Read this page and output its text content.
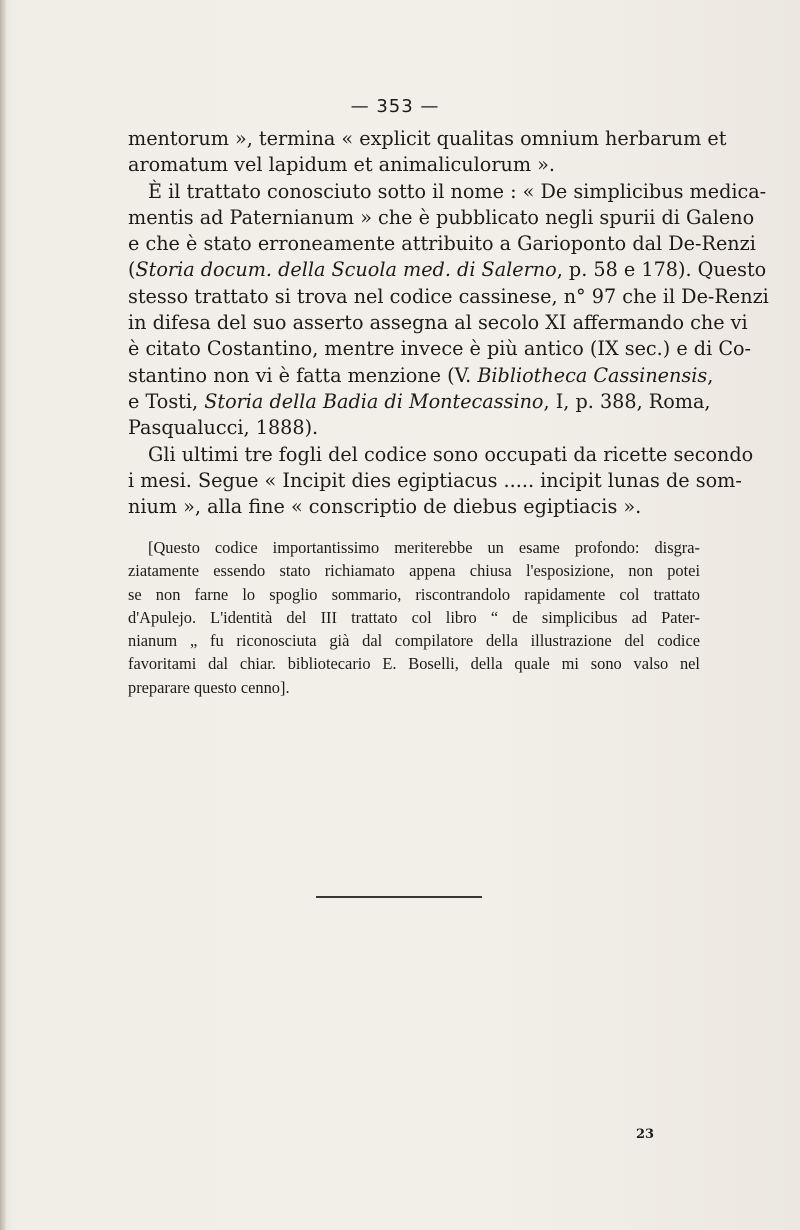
— 353 —
mentorum », termina « explicit qualitas omnium herbarum et
aromatum vel lapidum et animaliculorum ».
È il trattato conosciuto sotto il nome : « De simplicibus medica-
mentis ad Paternianum » che è pubblicato negli spurii di Galeno
e che è stato erroneamente attribuito a Garioponto dal De-Renzi
(Storia docum. della Scuola med. di Salerno, p. 58 e 178). Questo
stesso trattato si trova nel codice cassinese, n° 97 che il De-Renzi
in difesa del suo asserto assegna al secolo XI affermando che vi
è citato Costantino, mentre invece è più antico (IX sec.) e di Co-
stantino non vi è fatta menzione (V. Bibliotheca Cassinensis,
e Tosti, Storia della Badia di Montecassino, I, p. 388, Roma,
Pasqualucci, 1888).
Gli ultimi tre fogli del codice sono occupati da ricette secondo
i mesi. Segue « Incipit dies egiptiacus ..... incipit lunas de som-
nium », alla fine « conscriptio de diebus egiptiacis ».
[Questo codice importantissimo meriterebbe un esame profondo: disgra-
ziatamente essendo stato richiamato appena chiusa l'esposizione, non potei
se non farne lo spoglio sommario, riscontrandolo rapidamente col trattato
d'Apulejo. L'identità del III trattato col libro “ de simplicibus ad Pater-
nianum „ fu riconosciuta già dal compilatore della illustrazione del codice
favoritami dal chiar. bibliotecario E. Boselli, della quale mi sono valso nel
preparare questo cenno].
23
